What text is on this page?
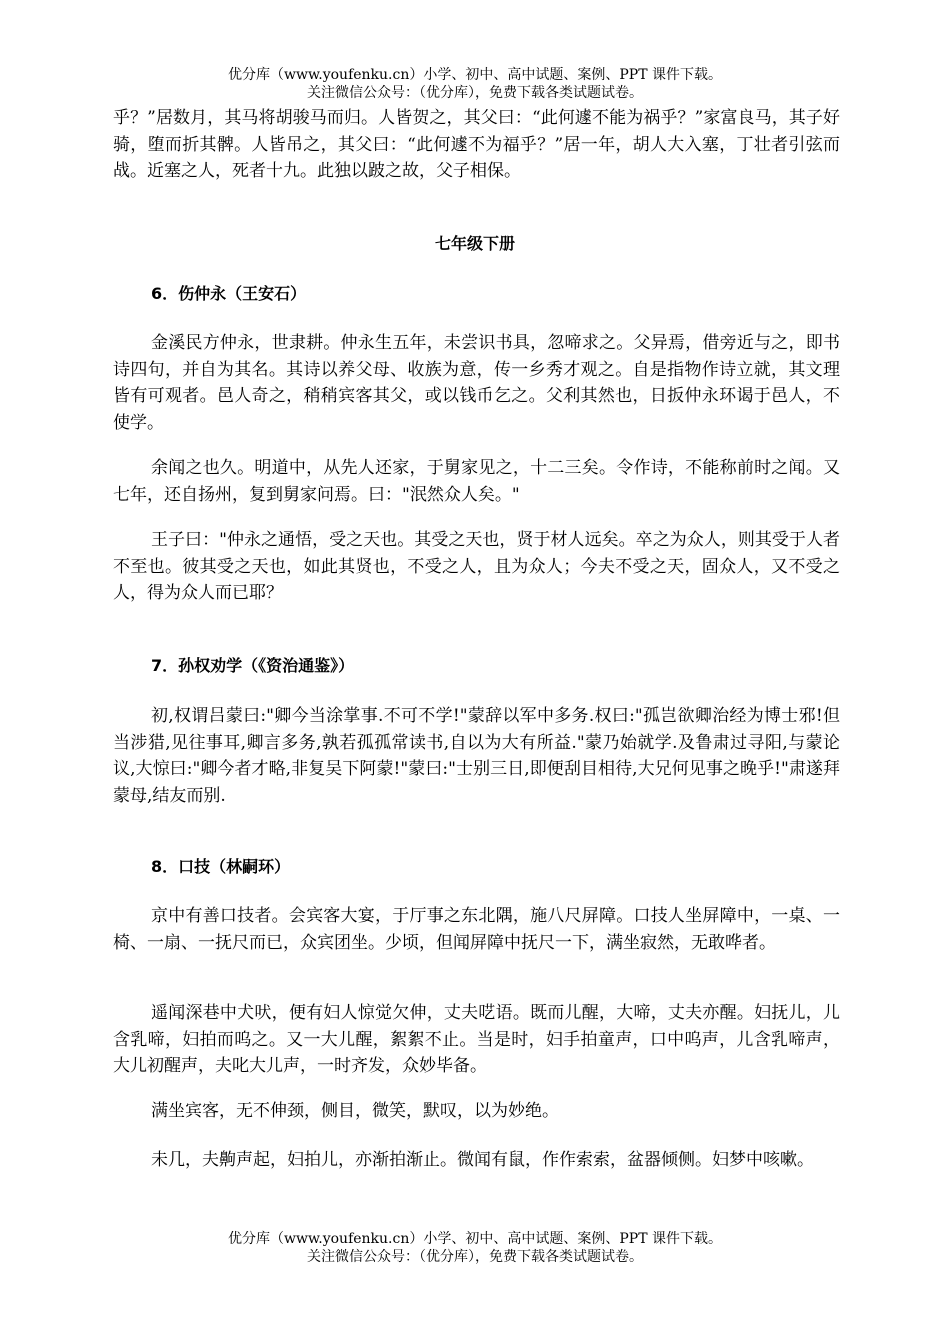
优分库（www.youfenku.cn）小学、初中、高中试题、案例、PPT 课件下载。
关注微信公众号：（优分库），免费下载各类试题试卷。

乎？”居数月，其马将胡骏马而归。人皆贺之，其父曰：“此何遽不能为祸乎？”家富良马，其子好骑，堕而折其髀。人皆吊之，其父曰：“此何遽不为福乎？”居一年，胡人大入塞，丁壮者引弦而战。近塞之人，死者十九。此独以跛之故，父子相保。

七年级下册
6．伤仲永（王安石）

金溪民方仲永，世隶耕。仲永生五年，未尝识书具，忽啼求之。父异焉，借旁近与之，即书诗四句，并自为其名。其诗以养父母、收族为意，传一乡秀才观之。自是指物作诗立就，其文理皆有可观者。邑人奇之，稍稍宾客其父，或以钱币乞之。父利其然也，日扳仲永环谒于邑人，不使学。

余闻之也久。明道中，从先人还家，于舅家见之，十二三矣。令作诗，不能称前时之闻。又七年，还自扬州，复到舅家问焉。曰："泯然众人矣。"

王子曰："仲永之通悟，受之天也。其受之天也，贤于材人远矣。卒之为众人，则其受于人者不至也。彼其受之天也，如此其贤也，不受之人，且为众人；今夫不受之天，固众人，又不受之人，得为众人而已耶？

7．孙权劝学（《资治通鉴》）

初,权谓吕蒙曰:"卿今当涂掌事.不可不学!"蒙辞以军中多务.权曰:"孤岂欲卿治经为博士邪!但当涉猎,见往事耳,卿言多务,孰若孤孤常读书,自以为大有所益."蒙乃始就学.及鲁肃过寻阳,与蒙论议,大惊曰:"卿今者才略,非复吴下阿蒙!"蒙曰:"士别三日,即便刮目相待,大兄何见事之晚乎!"肃遂拜蒙母,结友而别.

8．口技（林嗣环）

京中有善口技者。会宾客大宴，于厅事之东北隅，施八尺屏障。口技人坐屏障中，一桌、一椅、一扇、一抚尺而已，众宾团坐。少顷，但闻屏障中抚尺一下，满坐寂然，无敢哗者。

遥闻深巷中犬吠，便有妇人惊觉欠伸，丈夫呓语。既而儿醒，大啼，丈夫亦醒。妇抚儿，儿含乳啼，妇拍而呜之。又一大儿醒，絮絮不止。当是时，妇手拍童声，口中呜声，儿含乳啼声，大儿初醒声，夫叱大儿声，一时齐发，众妙毕备。

满坐宾客，无不伸颈，侧目，微笑，默叹，以为妙绝。

未几，夫齁声起，妇拍儿，亦渐拍渐止。微闻有鼠，作作索索，盆器倾侧。妇梦中咳嗽。

优分库（www.youfenku.cn）小学、初中、高中试题、案例、PPT 课件下载。
关注微信公众号：（优分库），免费下载各类试题试卷。
